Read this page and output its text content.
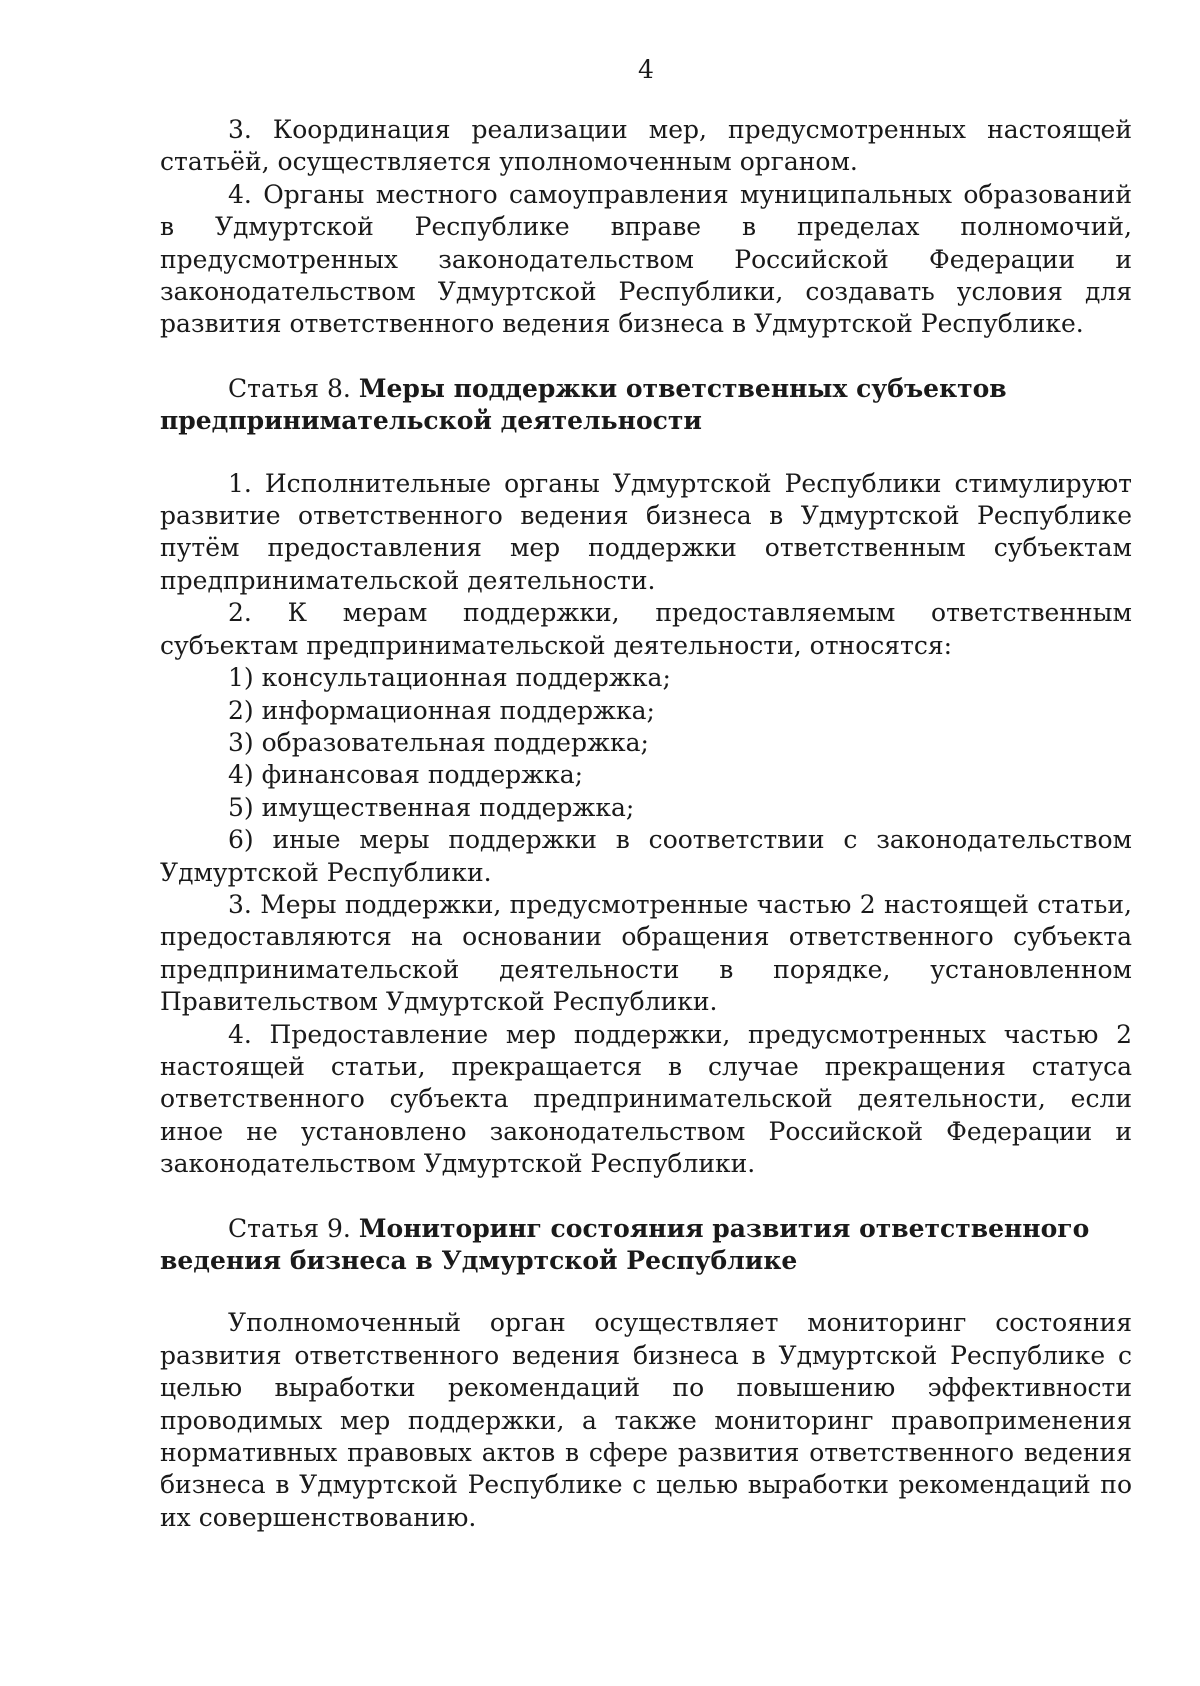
4

3. Координация реализации мер, предусмотренных настоящей статьёй, осуществляется уполномоченным органом.

4. Органы местного самоуправления муниципальных образований в Удмуртской Республике вправе в пределах полномочий, предусмотренных законодательством Российской Федерации и законодательством Удмуртской Республики, создавать условия для развития ответственного ведения бизнеса в Удмуртской Республике.

Статья 8. Меры поддержки ответственных субъектов предпринимательской деятельности

1. Исполнительные органы Удмуртской Республики стимулируют развитие ответственного ведения бизнеса в Удмуртской Республике путём предоставления мер поддержки ответственным субъектам предпринимательской деятельности.

2. К мерам поддержки, предоставляемым ответственным субъектам предпринимательской деятельности, относятся:

1) консультационная поддержка;

2) информационная поддержка;

3) образовательная поддержка;

4) финансовая поддержка;

5) имущественная поддержка;

6) иные меры поддержки в соответствии с законодательством Удмуртской Республики.

3. Меры поддержки, предусмотренные частью 2 настоящей статьи, предоставляются на основании обращения ответственного субъекта предпринимательской деятельности в порядке, установленном Правительством Удмуртской Республики.

4. Предоставление мер поддержки, предусмотренных частью 2 настоящей статьи, прекращается в случае прекращения статуса ответственного субъекта предпринимательской деятельности, если иное не установлено законодательством Российской Федерации и законодательством Удмуртской Республики.

Статья 9. Мониторинг состояния развития ответственного ведения бизнеса в Удмуртской Республике

Уполномоченный орган осуществляет мониторинг состояния развития ответственного ведения бизнеса в Удмуртской Республике с целью выработки рекомендаций по повышению эффективности проводимых мер поддержки, а также мониторинг правоприменения нормативных правовых актов в сфере развития ответственного ведения бизнеса в Удмуртской Республике с целью выработки рекомендаций по их совершенствованию.
